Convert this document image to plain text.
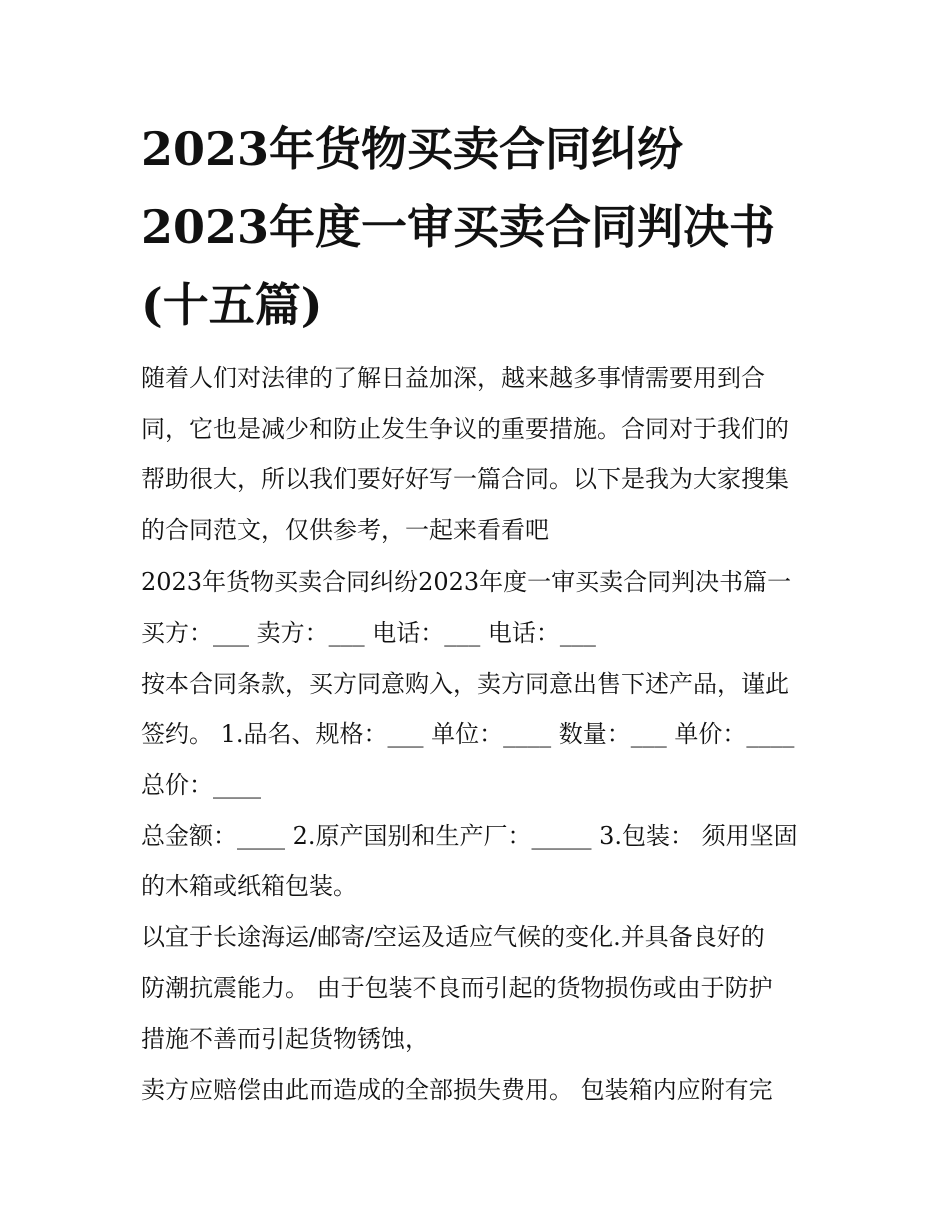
2023年货物买卖合同纠纷
2023年度一审买卖合同判决书
(十五篇)

随着人们对法律的了解日益加深，越来越多事情需要用到合

同，它也是减少和防止发生争议的重要措施。合同对于我们的

帮助很大，所以我们要好好写一篇合同。以下是我为大家搜集

的合同范文，仅供参考，一起来看看吧

2023年货物买卖合同纠纷2023年度一审买卖合同判决书篇一

买方：___ 卖方：___ 电话：___ 电话：___

按本合同条款，买方同意购入，卖方同意出售下述产品，谨此

签约。 1.品名、规格：___ 单位：____ 数量：___ 单价：____

总价：____

总金额：____ 2.原产国别和生产厂：_____ 3.包装： 须用坚固

的木箱或纸箱包装。

以宜于长途海运/邮寄/空运及适应气候的变化.并具备良好的

防潮抗震能力。 由于包装不良而引起的货物损伤或由于防护

措施不善而引起货物锈蚀，

卖方应赔偿由此而造成的全部损失费用。 包装箱内应附有完
